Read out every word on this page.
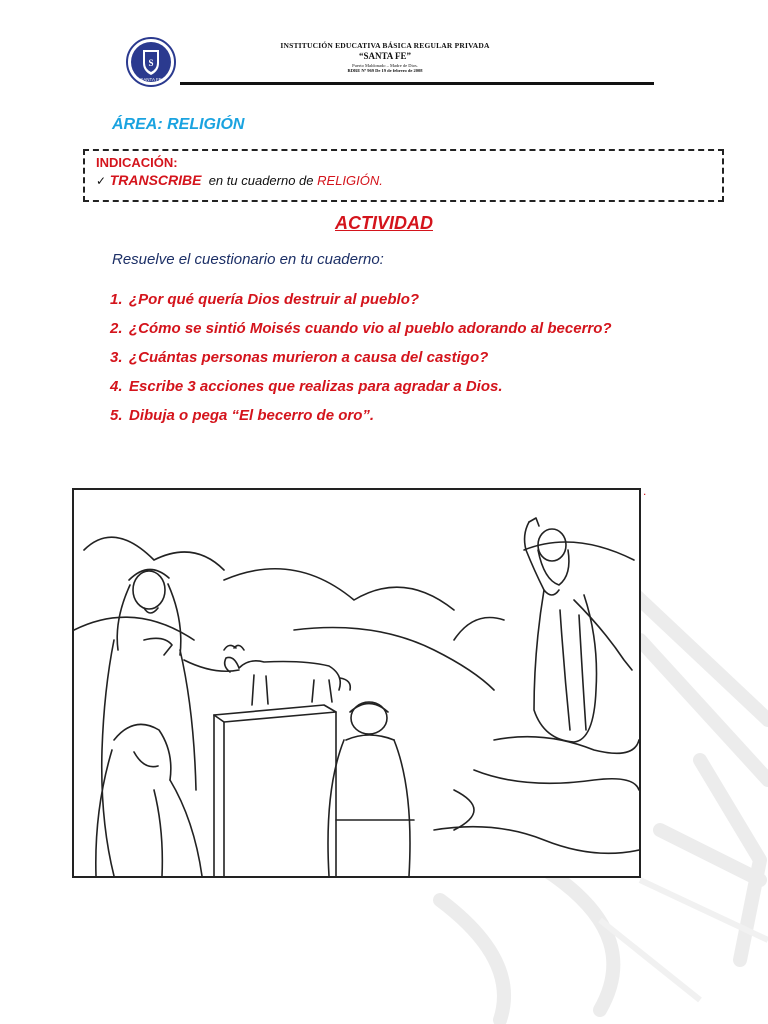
S
SANTA FE
INSTITUCIÓN EDUCATIVA BÁSICA REGULAR PRIVADA
“SANTA FE”
Puerto Maldonado – Madre de Dios.
RDRE Nº 969 De 19 de febrero de 2008
ÁREA: RELIGIÓN
INDICACIÓN:
✓ TRANSCRIBE en tu cuaderno de RELIGIÓN.
ACTIVIDAD
Resuelve el cuestionario en tu cuaderno:
1. ¿Por qué quería Dios destruir al pueblo?
2. ¿Cómo se sintió Moisés cuando vio al pueblo adorando al becerro?
3. ¿Cuántas personas murieron a causa del castigo?
4. Escribe 3 acciones que realizas para agradar a Dios.
5. Dibuja o pega “El becerro de oro”.
.
